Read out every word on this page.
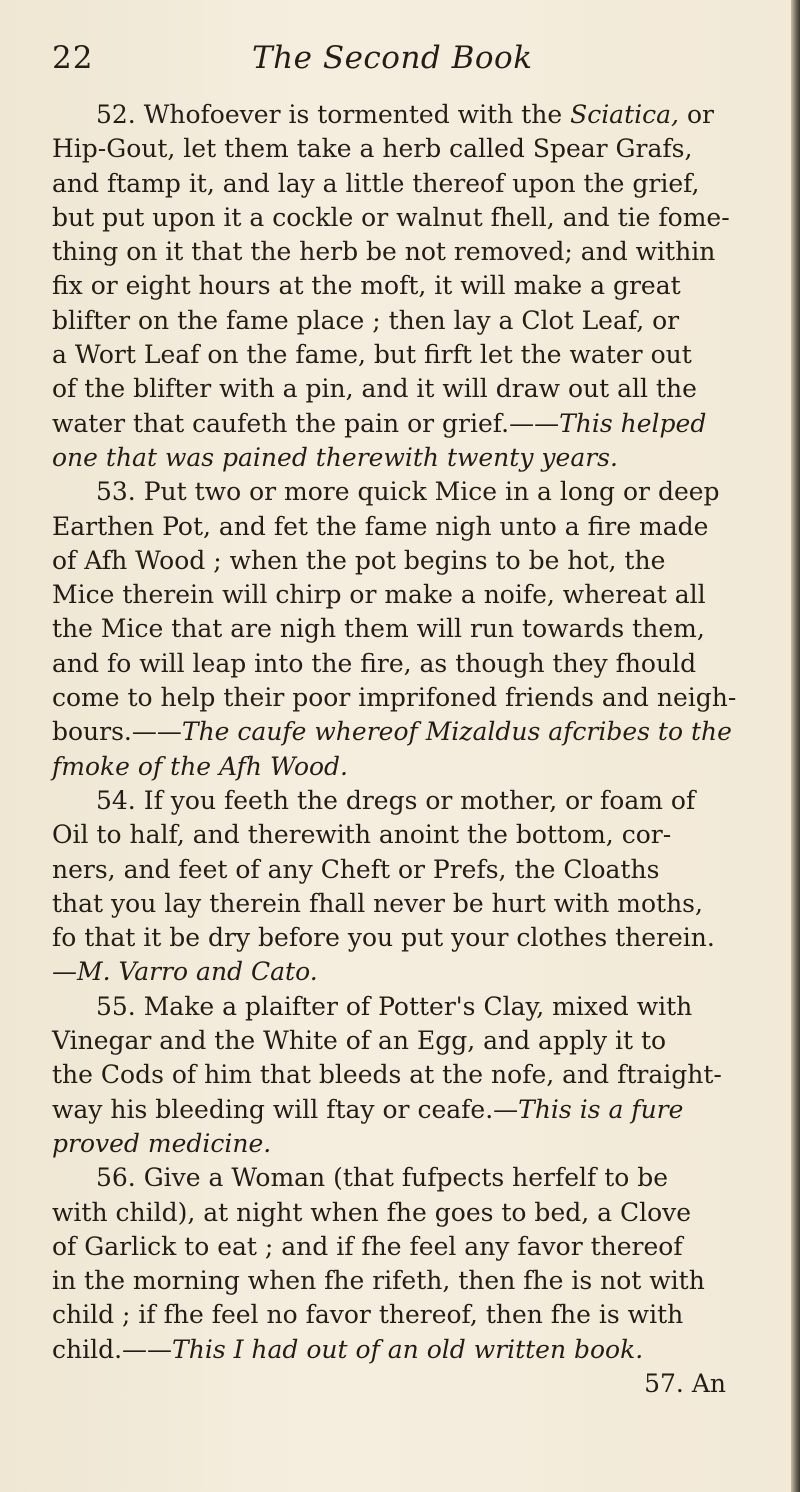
22	The Second Book
52. Whofoever is tormented with the Sciatica, or
Hip-Gout, let them take a herb called Spear Grafs,
and ftamp it, and lay a little thereof upon the grief,
but put upon it a cockle or walnut fhell, and tie fome-
thing on it that the herb be not removed; and within
fix or eight hours at the moft, it will make a great
blifter on the fame place ; then lay a Clot Leaf, or
a Wort Leaf on the fame, but firft let the water out
of the blifter with a pin, and it will draw out all the
water that caufeth the pain or grief.——This helped
one that was pained therewith twenty years.
53. Put two or more quick Mice in a long or deep
Earthen Pot, and fet the fame nigh unto a fire made
of Afh Wood ; when the pot begins to be hot, the
Mice therein will chirp or make a noife, whereat all
the Mice that are nigh them will run towards them,
and fo will leap into the fire, as though they fhould
come to help their poor imprifoned friends and neigh-
bours.——The caufe whereof Mizaldus afcribes to the
fmoke of the Afh Wood.
54. If you feeth the dregs or mother, or foam of
Oil to half, and therewith anoint the bottom, cor-
ners, and feet of any Cheft or Prefs, the Cloaths
that you lay therein fhall never be hurt with moths,
fo that it be dry before you put your clothes therein.
—M. Varro and Cato.
55. Make a plaifter of Potter's Clay, mixed with
Vinegar and the White of an Egg, and apply it to
the Cods of him that bleeds at the nofe, and ftraight-
way his bleeding will ftay or ceafe.—This is a fure
proved medicine.
56. Give a Woman (that fufpects herfelf to be
with child), at night when fhe goes to bed, a Clove
of Garlick to eat ; and if fhe feel any favor thereof
in the morning when fhe rifeth, then fhe is not with
child ; if fhe feel no favor thereof, then fhe is with
child.——This I had out of an old written book.
57. An
